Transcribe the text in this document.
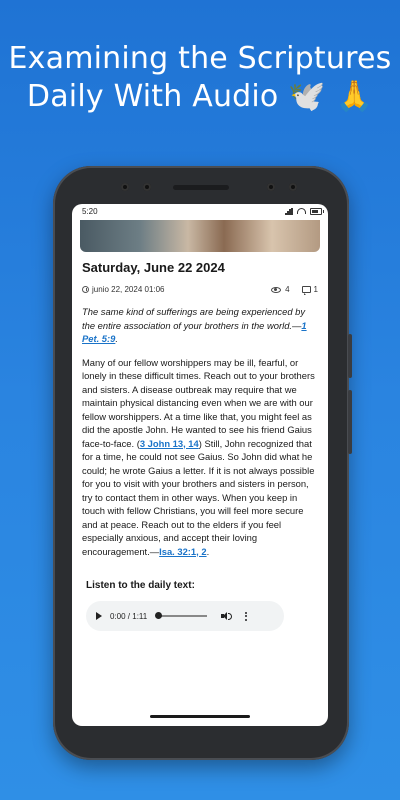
Examining the Scriptures
Daily With Audio 🕊️ 🙏
5:20
Saturday, June 22 2024
junio 22, 2024 01:06	4	1
The same kind of sufferings are being experienced by the entire association of your brothers in the world.—1 Pet. 5:9.
Many of our fellow worshippers may be ill, fearful, or lonely in these difficult times. Reach out to your brothers and sisters. A disease outbreak may require that we maintain physical distancing even when we are with our fellow worshippers. At a time like that, you might feel as did the apostle John. He wanted to see his friend Gaius face-to-face. (3 John 13, 14) Still, John recognized that for a time, he could not see Gaius. So John did what he could; he wrote Gaius a letter. If it is not always possible for you to visit with your brothers and sisters in person, try to contact them in other ways. When you keep in touch with fellow Christians, you will feel more secure and at peace. Reach out to the elders if you feel especially anxious, and accept their loving encouragement.—Isa. 32:1, 2.
Listen to the daily text:
0:00 / 1:11
